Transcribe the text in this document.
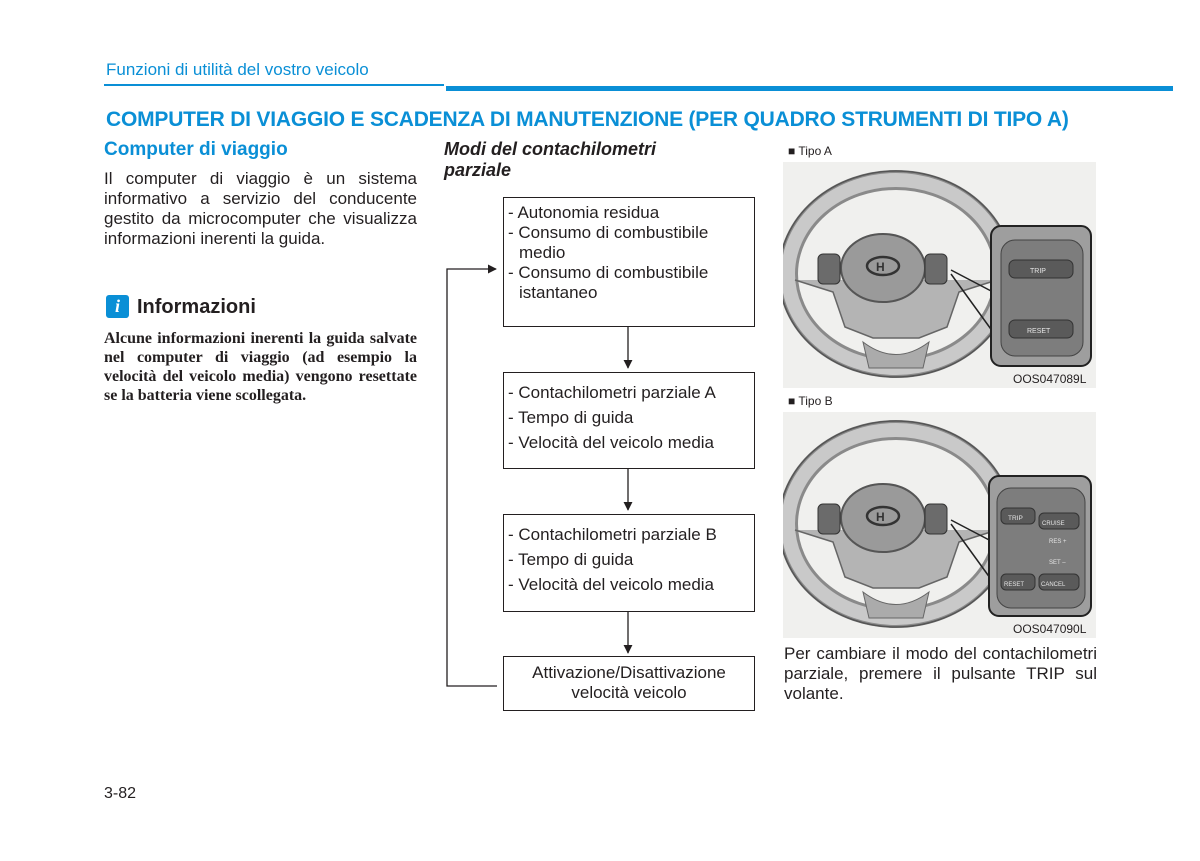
Funzioni di utilità del vostro veicolo
COMPUTER DI VIAGGIO E SCADENZA DI MANUTENZIONE (PER QUADRO STRUMENTI DI TIPO A)
Computer di viaggio
Il computer di viaggio è un sistema informativo a servizio del conducente gestito da microcomputer che visualizza informazioni inerenti la guida.
i Informazioni
Alcune informazioni inerenti la guida salvate nel computer di viaggio (ad esempio la velocità del veicolo media) vengono resettate se la batteria viene scollegata.
Modi del contachilometri parziale
- Autonomia residua
- Consumo di combustibile
medio
- Consumo di combustibile
istantaneo
- Contachilometri parziale A
- Tempo di guida
- Velocità del veicolo media
- Contachilometri parziale B
- Tempo di guida
- Velocità del veicolo media
Attivazione/Disattivazione
velocità veicolo
■ Tipo A
H	TRIP
RESET
OOS047089L
■ Tipo B
H	TRIP
CRUISE
RES +
SET –
RESET	CANCEL
OOS047090L
Per cambiare il modo del contachilometri parziale, premere il pulsante TRIP sul volante.
3-82
